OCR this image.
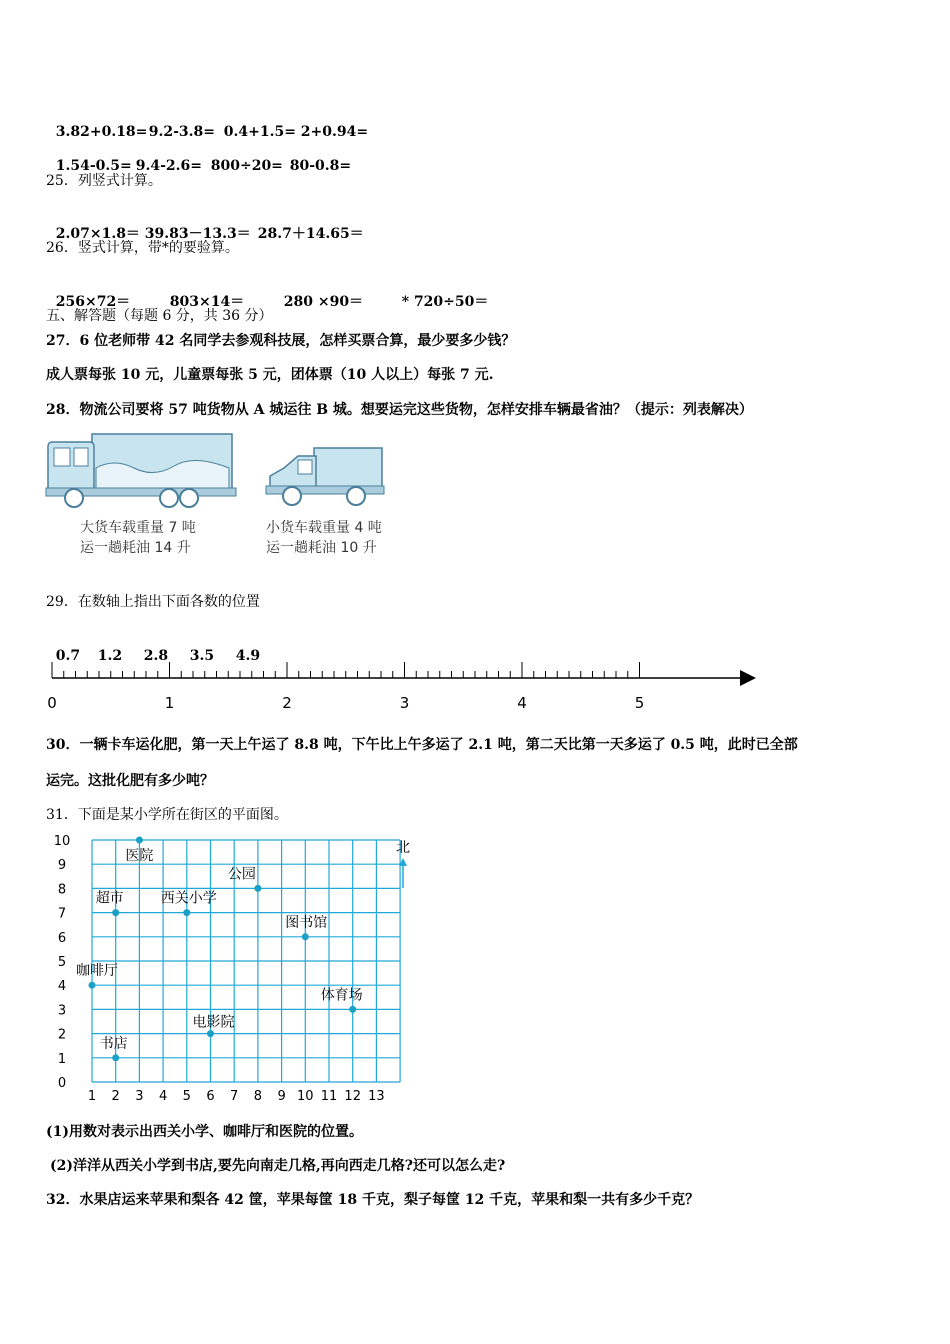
3.82+0.18=9.2-3.8= 0.4+1.5= 2+0.94=

1.54-0.5= 9.4-2.6= 800÷20= 80-0.8=

25．列竖式计算。

2.07×1.8＝ 39.83－13.3＝ 28.7＋14.65＝

26．竖式计算，带*的要验算。

256×72＝	803×14＝	280 ×90＝	* 720÷50＝

五、解答题（每题 6 分，共 36 分）
27．6 位老师带 42 名同学去参观科技展，怎样买票合算，最少要多少钱？
成人票每张 10 元，儿童票每张 5 元，团体票（10 人以上）每张 7 元.
28．物流公司要将 57 吨货物从 A 城运往 B 城。想要运完这些货物，怎样安排车辆最省油？（提示：列表解决）
大货车载重量 7 吨
运一趟耗油 14 升
小货车载重量 4 吨
运一趟耗油 10 升
29．在数轴上指出下面各数的位置

0.7 1.2 2.8 3.5 4.9

0	1	2	3	4	5
30．一辆卡车运化肥，第一天上午运了 8.8 吨，下午比上午多运了 2.1 吨，第二天比第一天多运了 0.5 吨，此时已全部
运完。这批化肥有多少吨？
31．下面是某小学所在街区的平面图。
1 2 3 4 5 6 7 8 9 10 11 12 13
0
1
2
3
4
5
6
7
8
9
10
医院
超市	西关小学
公园
图书馆
咖啡厅
体育场
电影院
书店
北
(1)用数对表示出西关小学、咖啡厅和医院的位置。
(2)洋洋从西关小学到书店,要先向南走几格,再向西走几格?还可以怎么走?
32．水果店运来苹果和梨各 42 筐，苹果每筐 18 千克，梨子每筐 12 千克，苹果和梨一共有多少千克？
